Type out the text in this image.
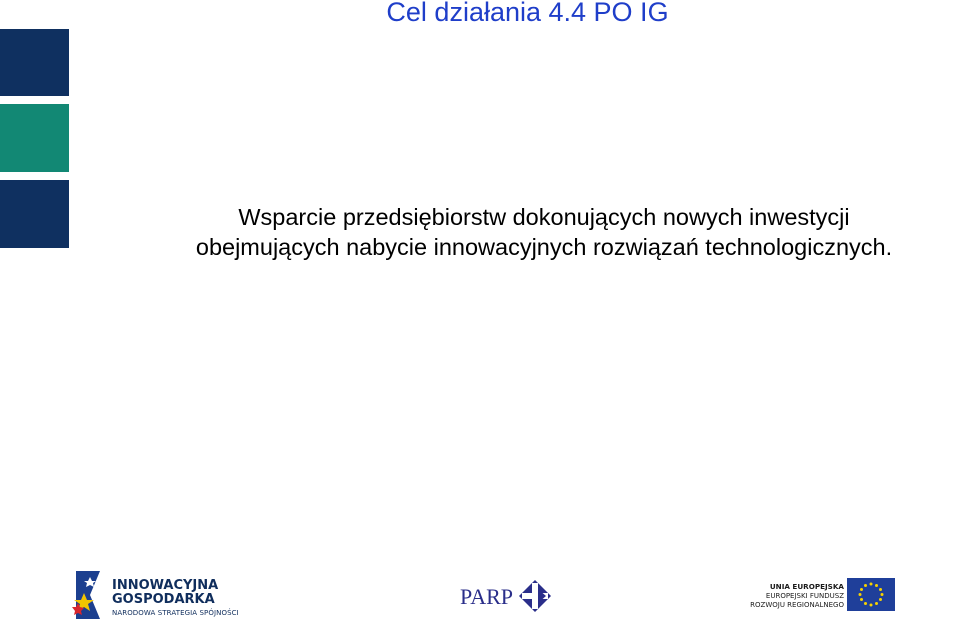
Cel działania 4.4 PO IG
Wsparcie przedsiębiorstw dokonujących nowych inwestycji
obejmujących nabycie innowacyjnych rozwiązań technologicznych.
INNOWACYJNA
GOSPODARKA
NARODOWA STRATEGIA SPÓJNOŚCI
PARP	UNIA EUROPEJSKA
EUROPEJSKI FUNDUSZ
ROZWOJU REGIONALNEGO
